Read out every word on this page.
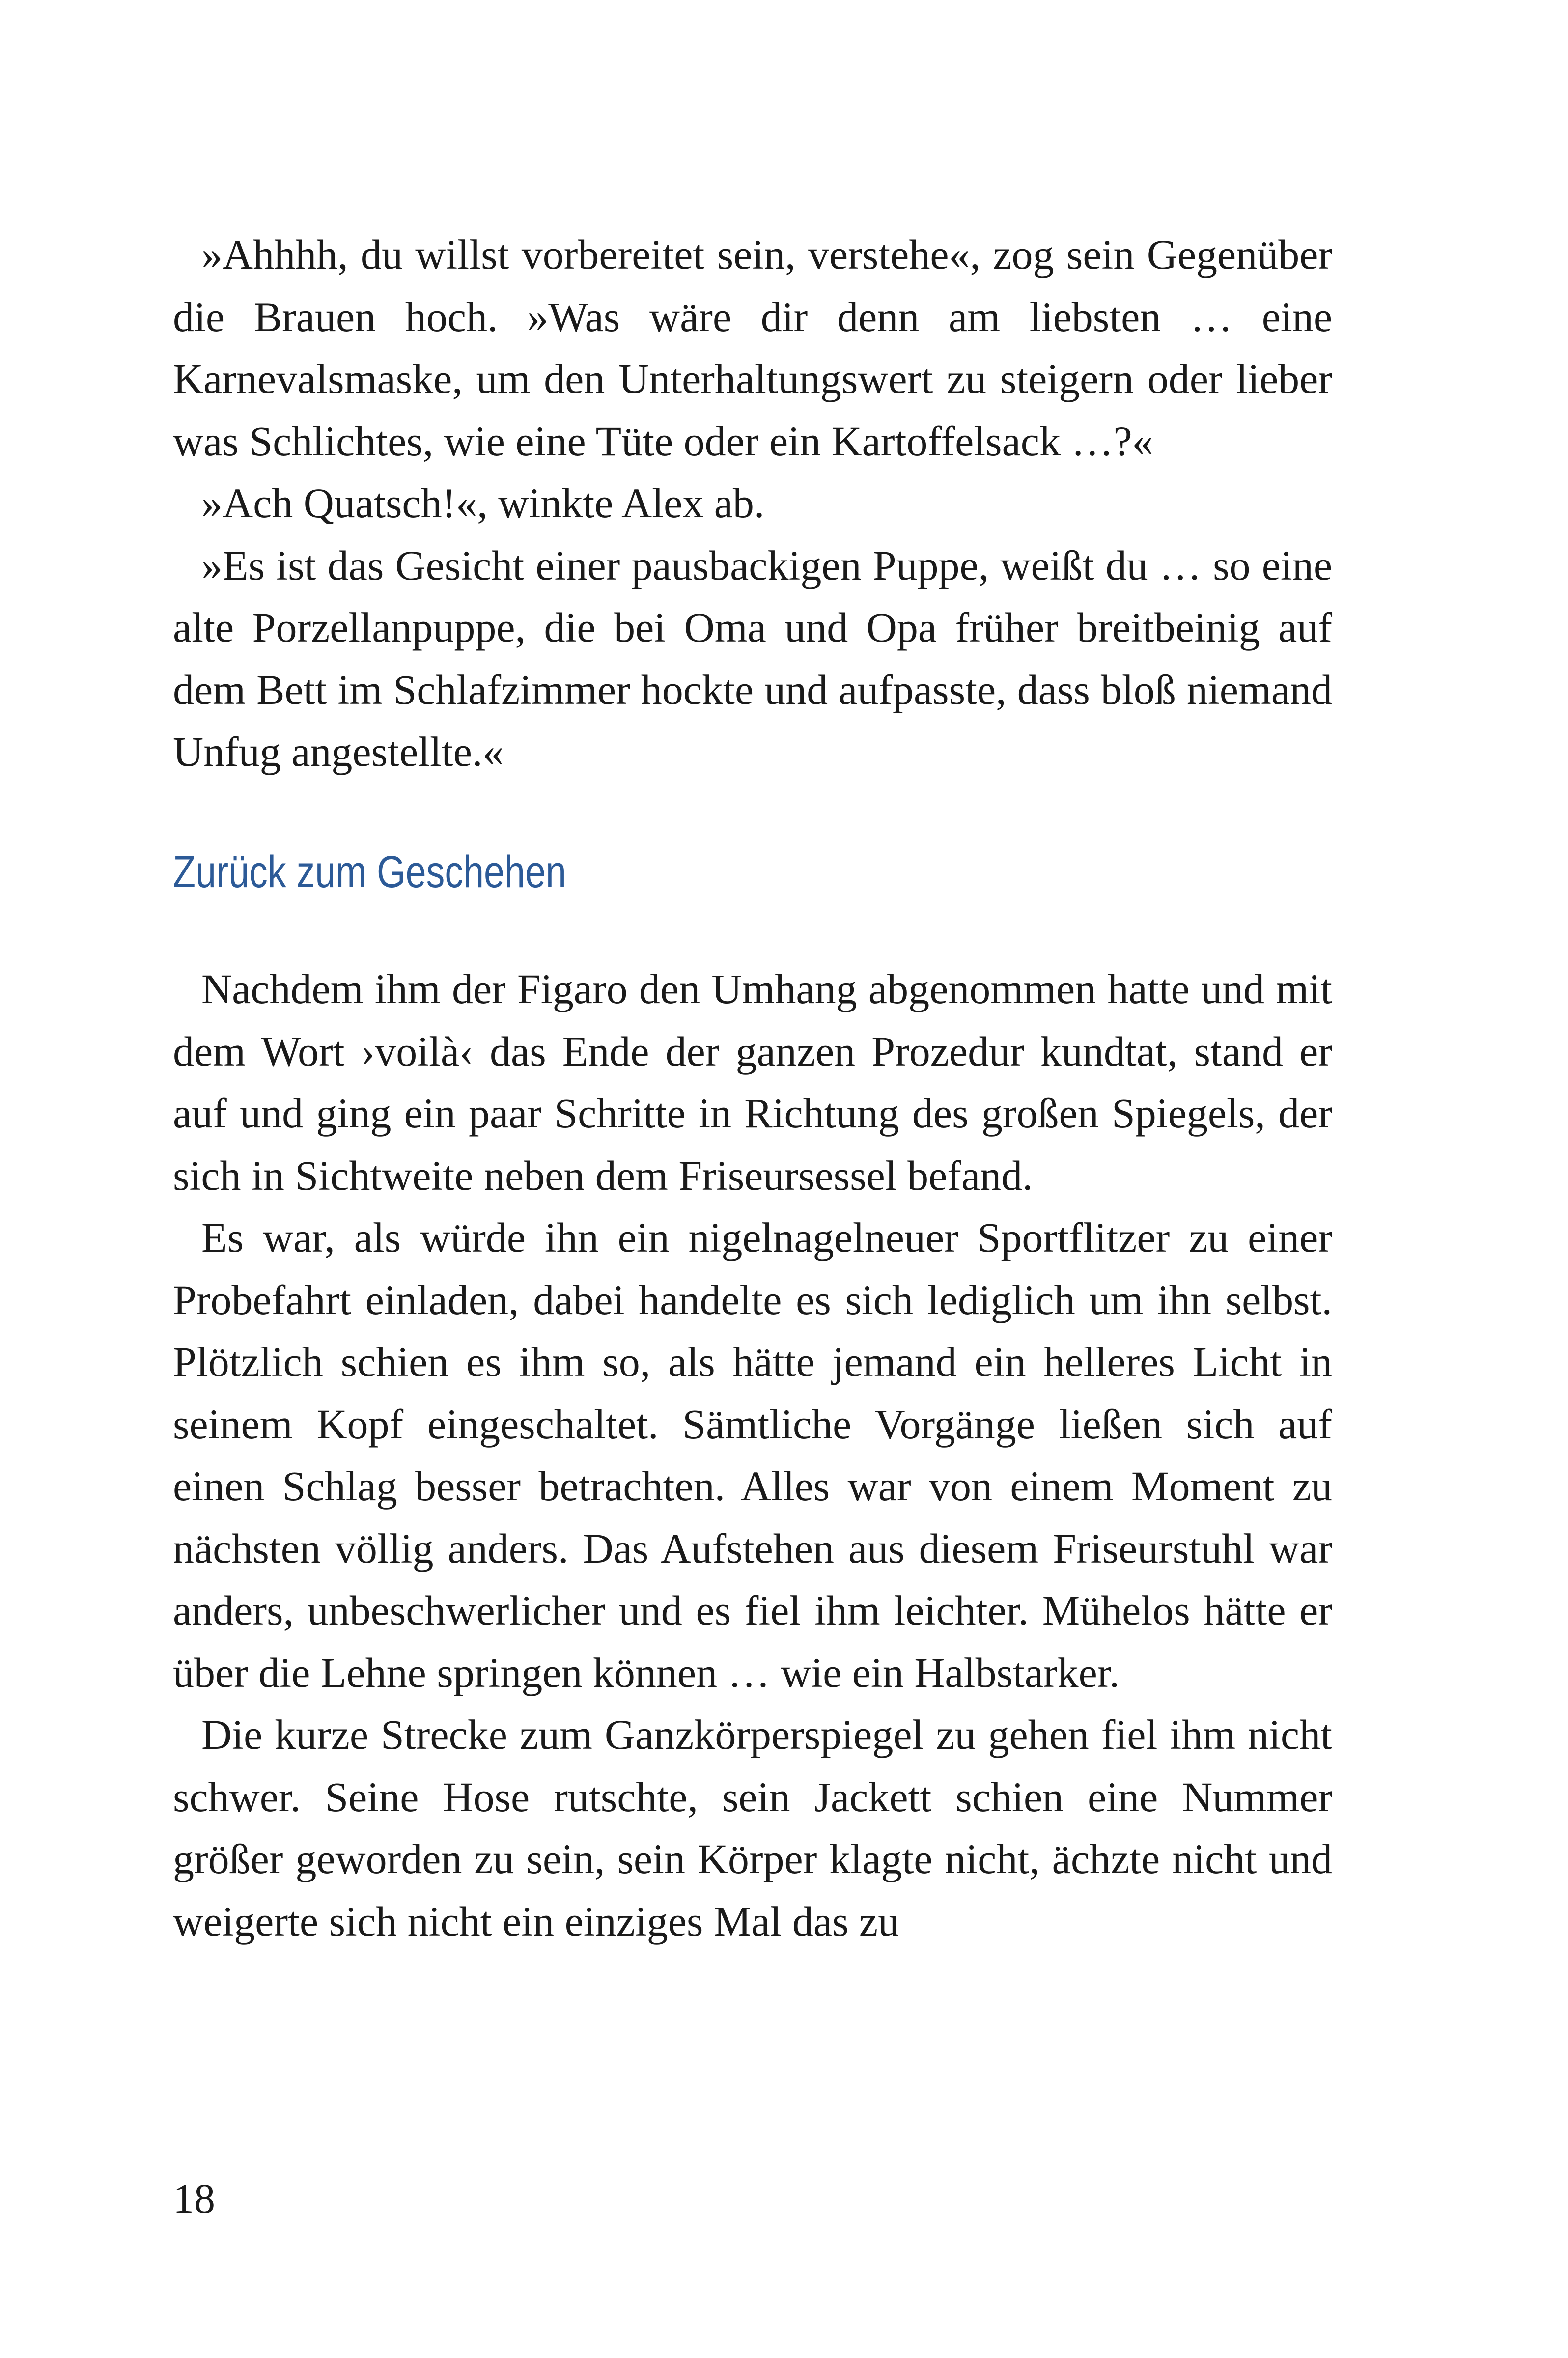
»Ahhhh, du willst vorbereitet sein, verstehe«, zog sein Gegenüber die Brauen hoch. »Was wäre dir denn am liebsten … eine Karnevalsmaske, um den Unterhaltungswert zu steigern oder lieber was Schlichtes, wie eine Tüte oder ein Kartoffelsack …?«

»Ach Quatsch!«, winkte Alex ab.

»Es ist das Gesicht einer pausbackigen Puppe, weißt du … so eine alte Porzellanpuppe, die bei Oma und Opa früher breitbeinig auf dem Bett im Schlafzimmer hockte und aufpasste, dass bloß niemand Unfug angestellte.«

Zurück zum Geschehen

Nachdem ihm der Figaro den Umhang abgenommen hatte und mit dem Wort ›voilà‹ das Ende der ganzen Prozedur kundtat, stand er auf und ging ein paar Schritte in Richtung des großen Spiegels, der sich in Sichtweite neben dem Friseursessel befand.

Es war, als würde ihn ein nigelnagelneuer Sportflitzer zu einer Probefahrt einladen, dabei handelte es sich lediglich um ihn selbst. Plötzlich schien es ihm so, als hätte jemand ein helleres Licht in seinem Kopf eingeschaltet. Sämtliche Vorgänge ließen sich auf einen Schlag besser betrachten. Alles war von einem Moment zu nächsten völlig anders. Das Aufstehen aus diesem Friseurstuhl war anders, unbeschwerlicher und es fiel ihm leichter. Mühelos hätte er über die Lehne springen können … wie ein Halbstarker.

Die kurze Strecke zum Ganzkörperspiegel zu gehen fiel ihm nicht schwer. Seine Hose rutschte, sein Jackett schien eine Nummer größer geworden zu sein, sein Körper klagte nicht, ächzte nicht und weigerte sich nicht ein einziges Mal das zu

18
